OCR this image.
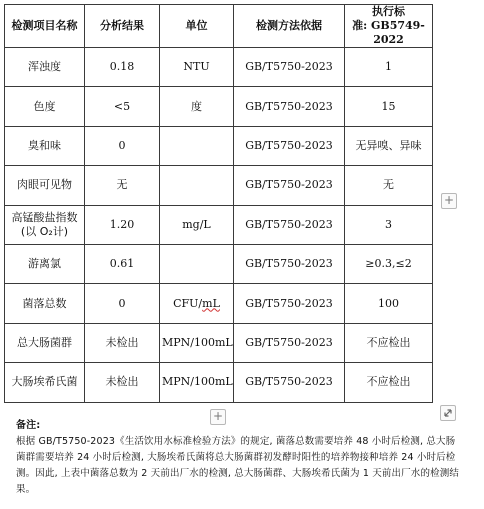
检测项目名称	分析结果	单位	检测方法依据	执行标
准: GB5749-2022

浑浊度	0.18	NTU	GB/T5750-2023	1
色度	<5	度	GB/T5750-2023	15
臭和味	0		GB/T5750-2023	无异嗅、异味
肉眼可见物	无		GB/T5750-2023	无

高锰酸盐指数
(以 O₂计)	1.20	mg/L	GB/T5750-2023	3
游离氯	0.61		GB/T5750-2023	≥0.3,≤2
菌落总数	0	CFU/mL	GB/T5750-2023	100
总大肠菌群	未检出	MPN/100mL	GB/T5750-2023	不应检出
大肠埃希氏菌	未检出	MPN/100mL	GB/T5750-2023	不应检出
+
+
备注:
根据 GB/T5750-2023《生活饮用水标准检验方法》的规定, 菌落总数需要培养 48 小时后检测, 总大肠菌群需要培养 24 小时后检测, 大肠埃希氏菌将总大肠菌群初发酵时阳性的培养物接种培养 24 小时后检测。因此, 上表中菌落总数为 2 天前出厂水的检测, 总大肠菌群、大肠埃希氏菌为 1 天前出厂水的检测结果。
